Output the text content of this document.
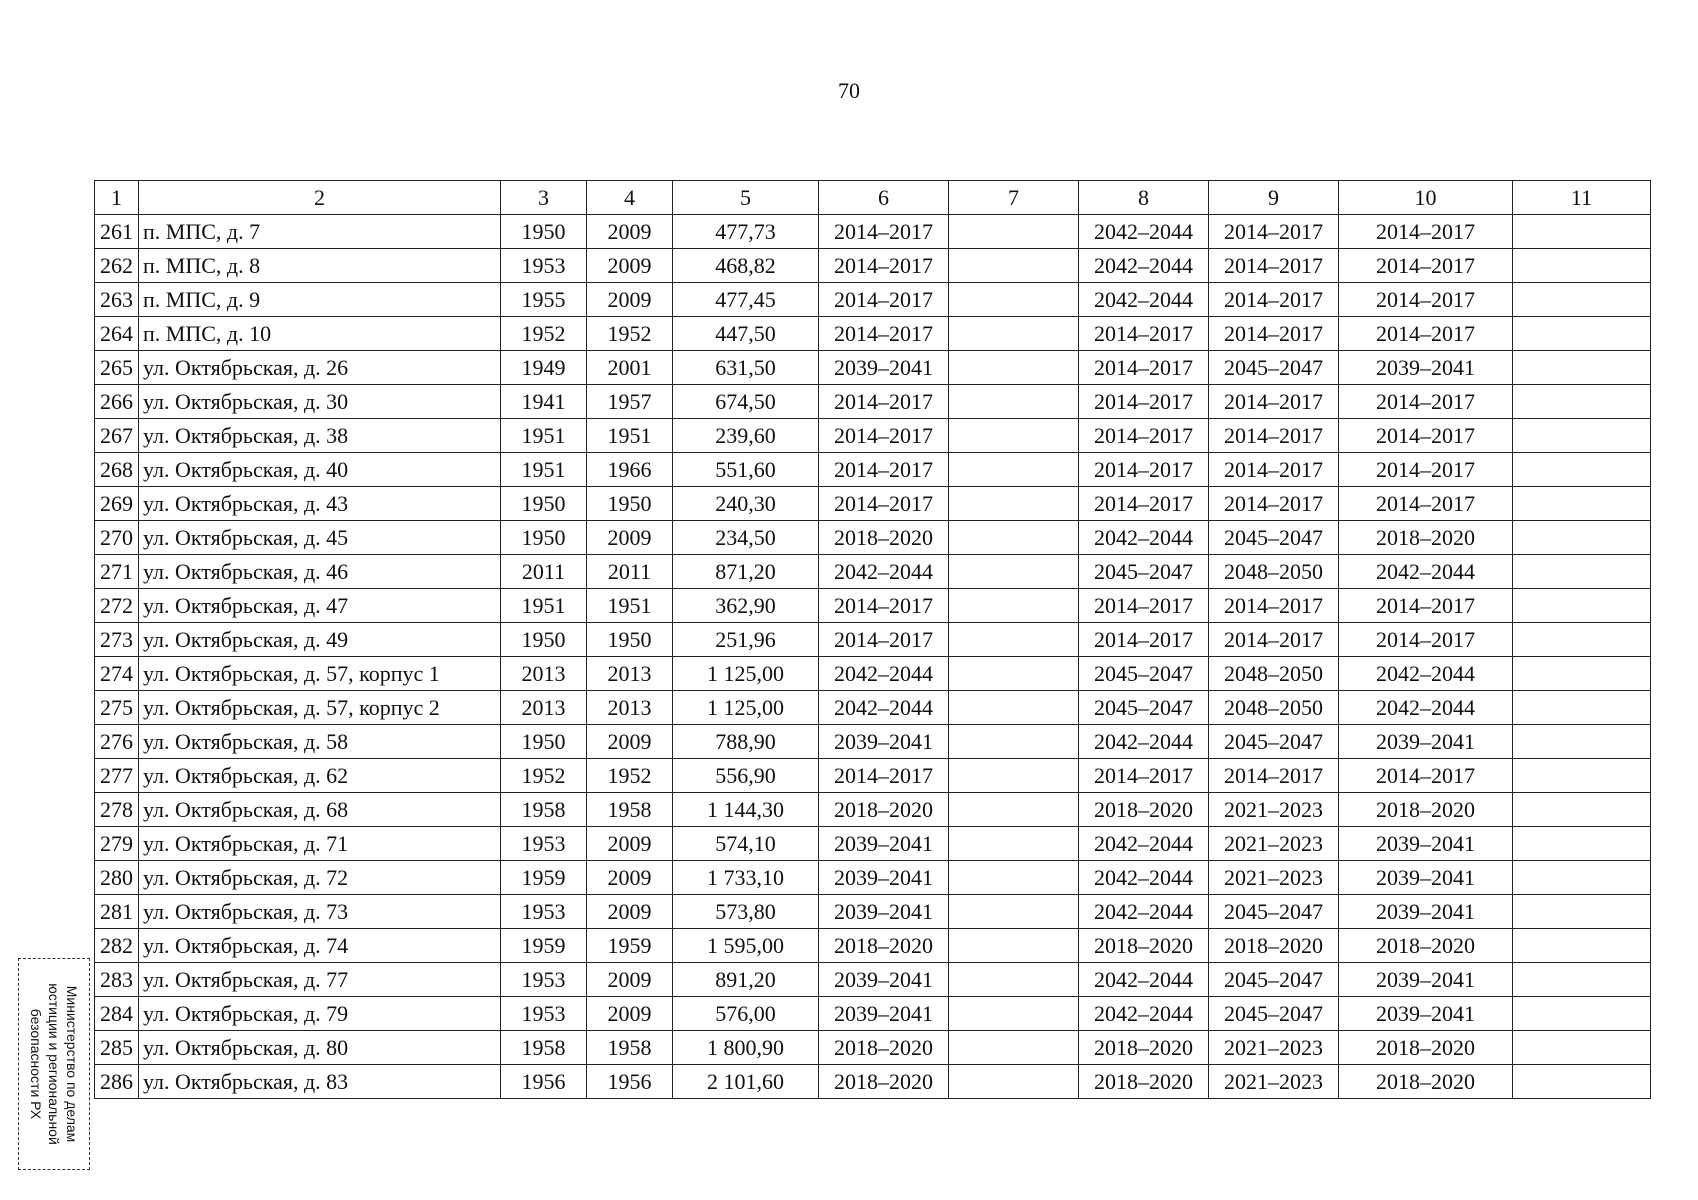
70
1	2	3	4	5	6	7	8	9	10	11
261	п. МПС, д. 7	1950	2009	477,73	2014–2017		2042–2044	2014–2017	2014–2017	
262	п. МПС, д. 8	1953	2009	468,82	2014–2017		2042–2044	2014–2017	2014–2017	
263	п. МПС, д. 9	1955	2009	477,45	2014–2017		2042–2044	2014–2017	2014–2017	
264	п. МПС, д. 10	1952	1952	447,50	2014–2017		2014–2017	2014–2017	2014–2017	
265	ул. Октябрьская, д. 26	1949	2001	631,50	2039–2041		2014–2017	2045–2047	2039–2041	
266	ул. Октябрьская, д. 30	1941	1957	674,50	2014–2017		2014–2017	2014–2017	2014–2017	
267	ул. Октябрьская, д. 38	1951	1951	239,60	2014–2017		2014–2017	2014–2017	2014–2017	
268	ул. Октябрьская, д. 40	1951	1966	551,60	2014–2017		2014–2017	2014–2017	2014–2017	
269	ул. Октябрьская, д. 43	1950	1950	240,30	2014–2017		2014–2017	2014–2017	2014–2017	
270	ул. Октябрьская, д. 45	1950	2009	234,50	2018–2020		2042–2044	2045–2047	2018–2020	
271	ул. Октябрьская, д. 46	2011	2011	871,20	2042–2044		2045–2047	2048–2050	2042–2044	
272	ул. Октябрьская, д. 47	1951	1951	362,90	2014–2017		2014–2017	2014–2017	2014–2017	
273	ул. Октябрьская, д. 49	1950	1950	251,96	2014–2017		2014–2017	2014–2017	2014–2017	
274	ул. Октябрьская, д. 57, корпус 1	2013	2013	1 125,00	2042–2044		2045–2047	2048–2050	2042–2044	
275	ул. Октябрьская, д. 57, корпус 2	2013	2013	1 125,00	2042–2044		2045–2047	2048–2050	2042–2044	
276	ул. Октябрьская, д. 58	1950	2009	788,90	2039–2041		2042–2044	2045–2047	2039–2041	
277	ул. Октябрьская, д. 62	1952	1952	556,90	2014–2017		2014–2017	2014–2017	2014–2017	
278	ул. Октябрьская, д. 68	1958	1958	1 144,30	2018–2020		2018–2020	2021–2023	2018–2020	
279	ул. Октябрьская, д. 71	1953	2009	574,10	2039–2041		2042–2044	2021–2023	2039–2041	
280	ул. Октябрьская, д. 72	1959	2009	1 733,10	2039–2041		2042–2044	2021–2023	2039–2041	
281	ул. Октябрьская, д. 73	1953	2009	573,80	2039–2041		2042–2044	2045–2047	2039–2041	
282	ул. Октябрьская, д. 74	1959	1959	1 595,00	2018–2020		2018–2020	2018–2020	2018–2020	
283	ул. Октябрьская, д. 77	1953	2009	891,20	2039–2041		2042–2044	2045–2047	2039–2041	
284	ул. Октябрьская, д. 79	1953	2009	576,00	2039–2041		2042–2044	2045–2047	2039–2041	
285	ул. Октябрьская, д. 80	1958	1958	1 800,90	2018–2020		2018–2020	2021–2023	2018–2020	
286	ул. Октябрьская, д. 83	1956	1956	2 101,60	2018–2020		2018–2020	2021–2023	2018–2020	
Министерство по делам
юстиции и региональной
безопасности РХ
